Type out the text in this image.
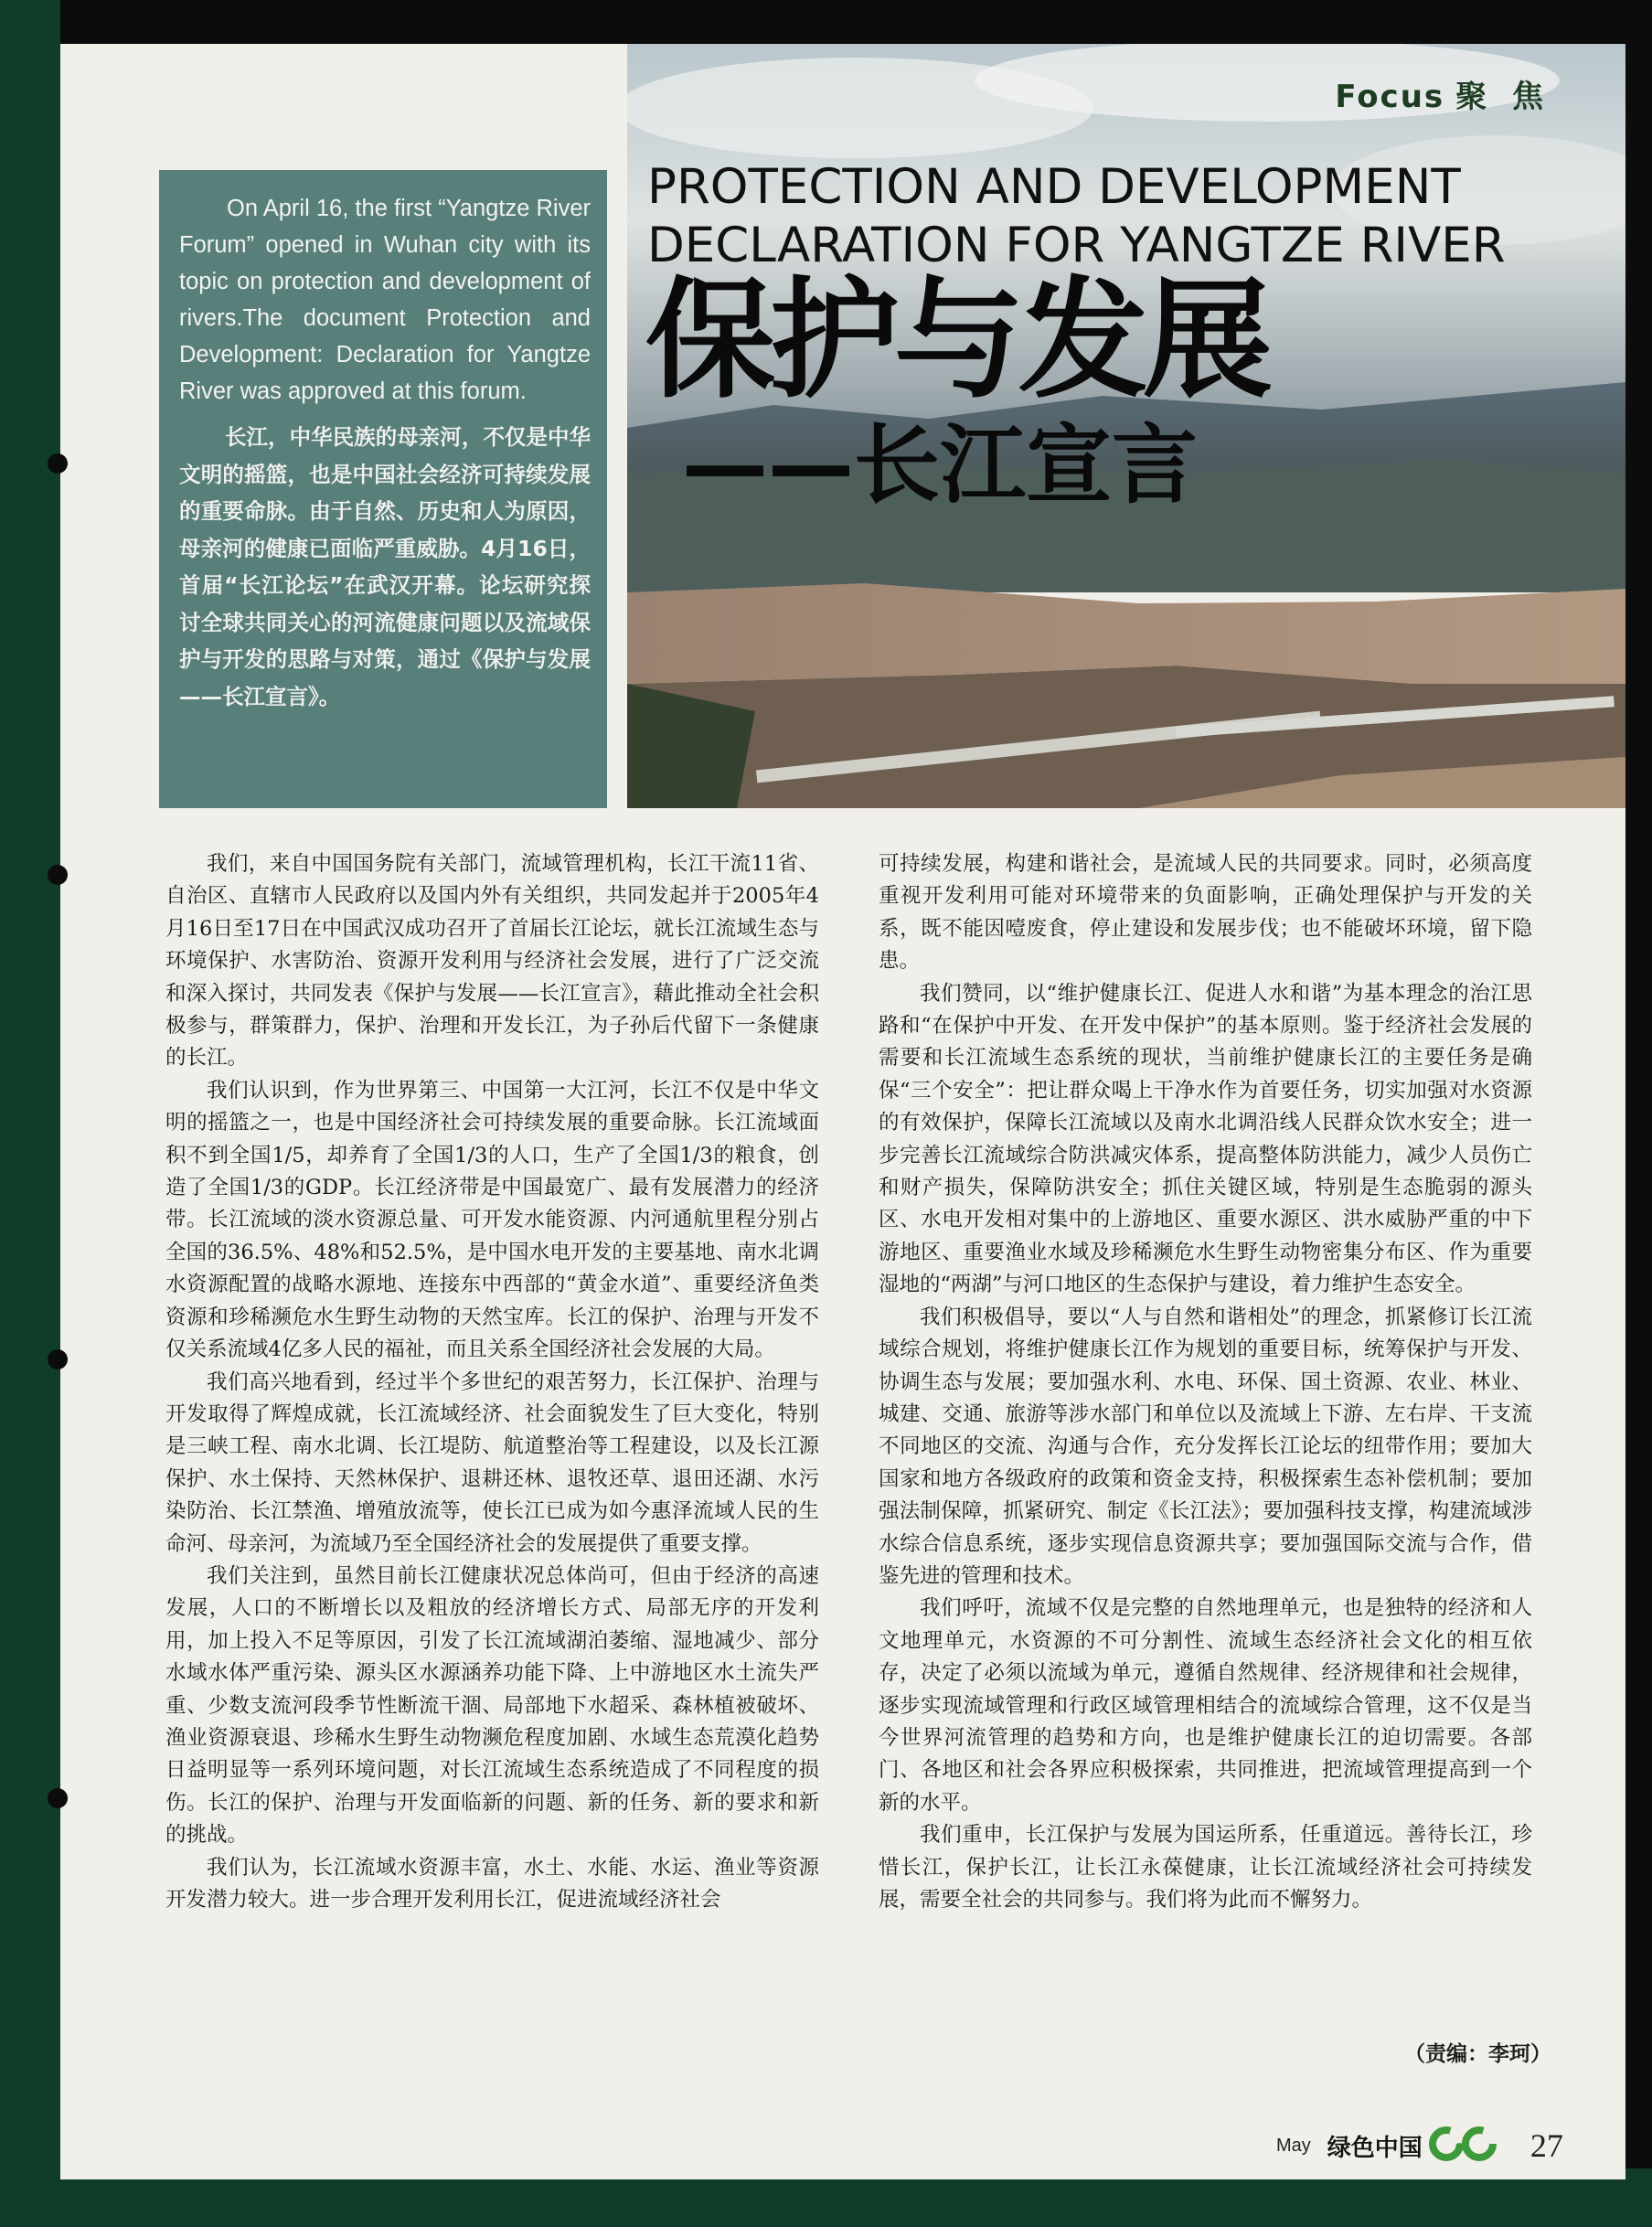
Focus 聚 焦
PROTECTION AND DEVELOPMENT
DECLARATION FOR YANGTZE RIVER
保护与发展
——长江宣言

On April 16, the first “Yangtze River Forum” opened in Wuhan city with its topic on protection and development of rivers.The document Protection and Development: Declaration for Yangtze River was approved at this forum.

长江，中华民族的母亲河，不仅是中华文明的摇篮，也是中国社会经济可持续发展的重要命脉。由于自然、历史和人为原因，母亲河的健康已面临严重威胁。4月16日，首届“长江论坛”在武汉开幕。论坛研究探讨全球共同关心的河流健康问题以及流域保护与开发的思路与对策，通过《保护与发展——长江宣言》。

我们，来自中国国务院有关部门，流域管理机构，长江干流11省、自治区、直辖市人民政府以及国内外有关组织，共同发起并于2005年4月16日至17日在中国武汉成功召开了首届长江论坛，就长江流域生态与环境保护、水害防治、资源开发利用与经济社会发展，进行了广泛交流和深入探讨，共同发表《保护与发展——长江宣言》，藉此推动全社会积极参与，群策群力，保护、治理和开发长江，为子孙后代留下一条健康的长江。

我们认识到，作为世界第三、中国第一大江河，长江不仅是中华文明的摇篮之一，也是中国经济社会可持续发展的重要命脉。长江流域面积不到全国1/5，却养育了全国1/3的人口，生产了全国1/3的粮食，创造了全国1/3的GDP。长江经济带是中国最宽广、最有发展潜力的经济带。长江流域的淡水资源总量、可开发水能资源、内河通航里程分别占全国的36.5%、48%和52.5%，是中国水电开发的主要基地、南水北调水资源配置的战略水源地、连接东中西部的“黄金水道”、重要经济鱼类资源和珍稀濒危水生野生动物的天然宝库。长江的保护、治理与开发不仅关系流域4亿多人民的福祉，而且关系全国经济社会发展的大局。

我们高兴地看到，经过半个多世纪的艰苦努力，长江保护、治理与开发取得了辉煌成就，长江流域经济、社会面貌发生了巨大变化，特别是三峡工程、南水北调、长江堤防、航道整治等工程建设，以及长江源保护、水土保持、天然林保护、退耕还林、退牧还草、退田还湖、水污染防治、长江禁渔、增殖放流等，使长江已成为如今惠泽流域人民的生命河、母亲河，为流域乃至全国经济社会的发展提供了重要支撑。

我们关注到，虽然目前长江健康状况总体尚可，但由于经济的高速发展，人口的不断增长以及粗放的经济增长方式、局部无序的开发利用，加上投入不足等原因，引发了长江流域湖泊萎缩、湿地减少、部分水域水体严重污染、源头区水源涵养功能下降、上中游地区水土流失严重、少数支流河段季节性断流干涸、局部地下水超采、森林植被破坏、渔业资源衰退、珍稀水生野生动物濒危程度加剧、水域生态荒漠化趋势日益明显等一系列环境问题，对长江流域生态系统造成了不同程度的损伤。长江的保护、治理与开发面临新的问题、新的任务、新的要求和新的挑战。

我们认为，长江流域水资源丰富，水土、水能、水运、渔业等资源开发潜力较大。进一步合理开发利用长江，促进流域经济社会

可持续发展，构建和谐社会，是流域人民的共同要求。同时，必须高度重视开发利用可能对环境带来的负面影响，正确处理保护与开发的关系，既不能因噎废食，停止建设和发展步伐；也不能破坏环境，留下隐患。

我们赞同，以“维护健康长江、促进人水和谐”为基本理念的治江思路和“在保护中开发、在开发中保护”的基本原则。鉴于经济社会发展的需要和长江流域生态系统的现状，当前维护健康长江的主要任务是确保“三个安全”：把让群众喝上干净水作为首要任务，切实加强对水资源的有效保护，保障长江流域以及南水北调沿线人民群众饮水安全；进一步完善长江流域综合防洪减灾体系，提高整体防洪能力，减少人员伤亡和财产损失，保障防洪安全；抓住关键区域，特别是生态脆弱的源头区、水电开发相对集中的上游地区、重要水源区、洪水威胁严重的中下游地区、重要渔业水域及珍稀濒危水生野生动物密集分布区、作为重要湿地的“两湖”与河口地区的生态保护与建设，着力维护生态安全。

我们积极倡导，要以“人与自然和谐相处”的理念，抓紧修订长江流域综合规划，将维护健康长江作为规划的重要目标，统筹保护与开发、协调生态与发展；要加强水利、水电、环保、国土资源、农业、林业、城建、交通、旅游等涉水部门和单位以及流域上下游、左右岸、干支流不同地区的交流、沟通与合作，充分发挥长江论坛的纽带作用；要加大国家和地方各级政府的政策和资金支持，积极探索生态补偿机制；要加强法制保障，抓紧研究、制定《长江法》；要加强科技支撑，构建流域涉水综合信息系统，逐步实现信息资源共享；要加强国际交流与合作，借鉴先进的管理和技术。

我们呼吁，流域不仅是完整的自然地理单元，也是独特的经济和人文地理单元，水资源的不可分割性、流域生态经济社会文化的相互依存，决定了必须以流域为单元，遵循自然规律、经济规律和社会规律，逐步实现流域管理和行政区域管理相结合的流域综合管理，这不仅是当今世界河流管理的趋势和方向，也是维护健康长江的迫切需要。各部门、各地区和社会各界应积极探索，共同推进，把流域管理提高到一个新的水平。

我们重申，长江保护与发展为国运所系，任重道远。善待长江，珍惜长江，保护长江，让长江永葆健康，让长江流域经济社会可持续发展，需要全社会的共同参与。我们将为此而不懈努力。

（责编：李珂）
May 绿色中国	GC 27
